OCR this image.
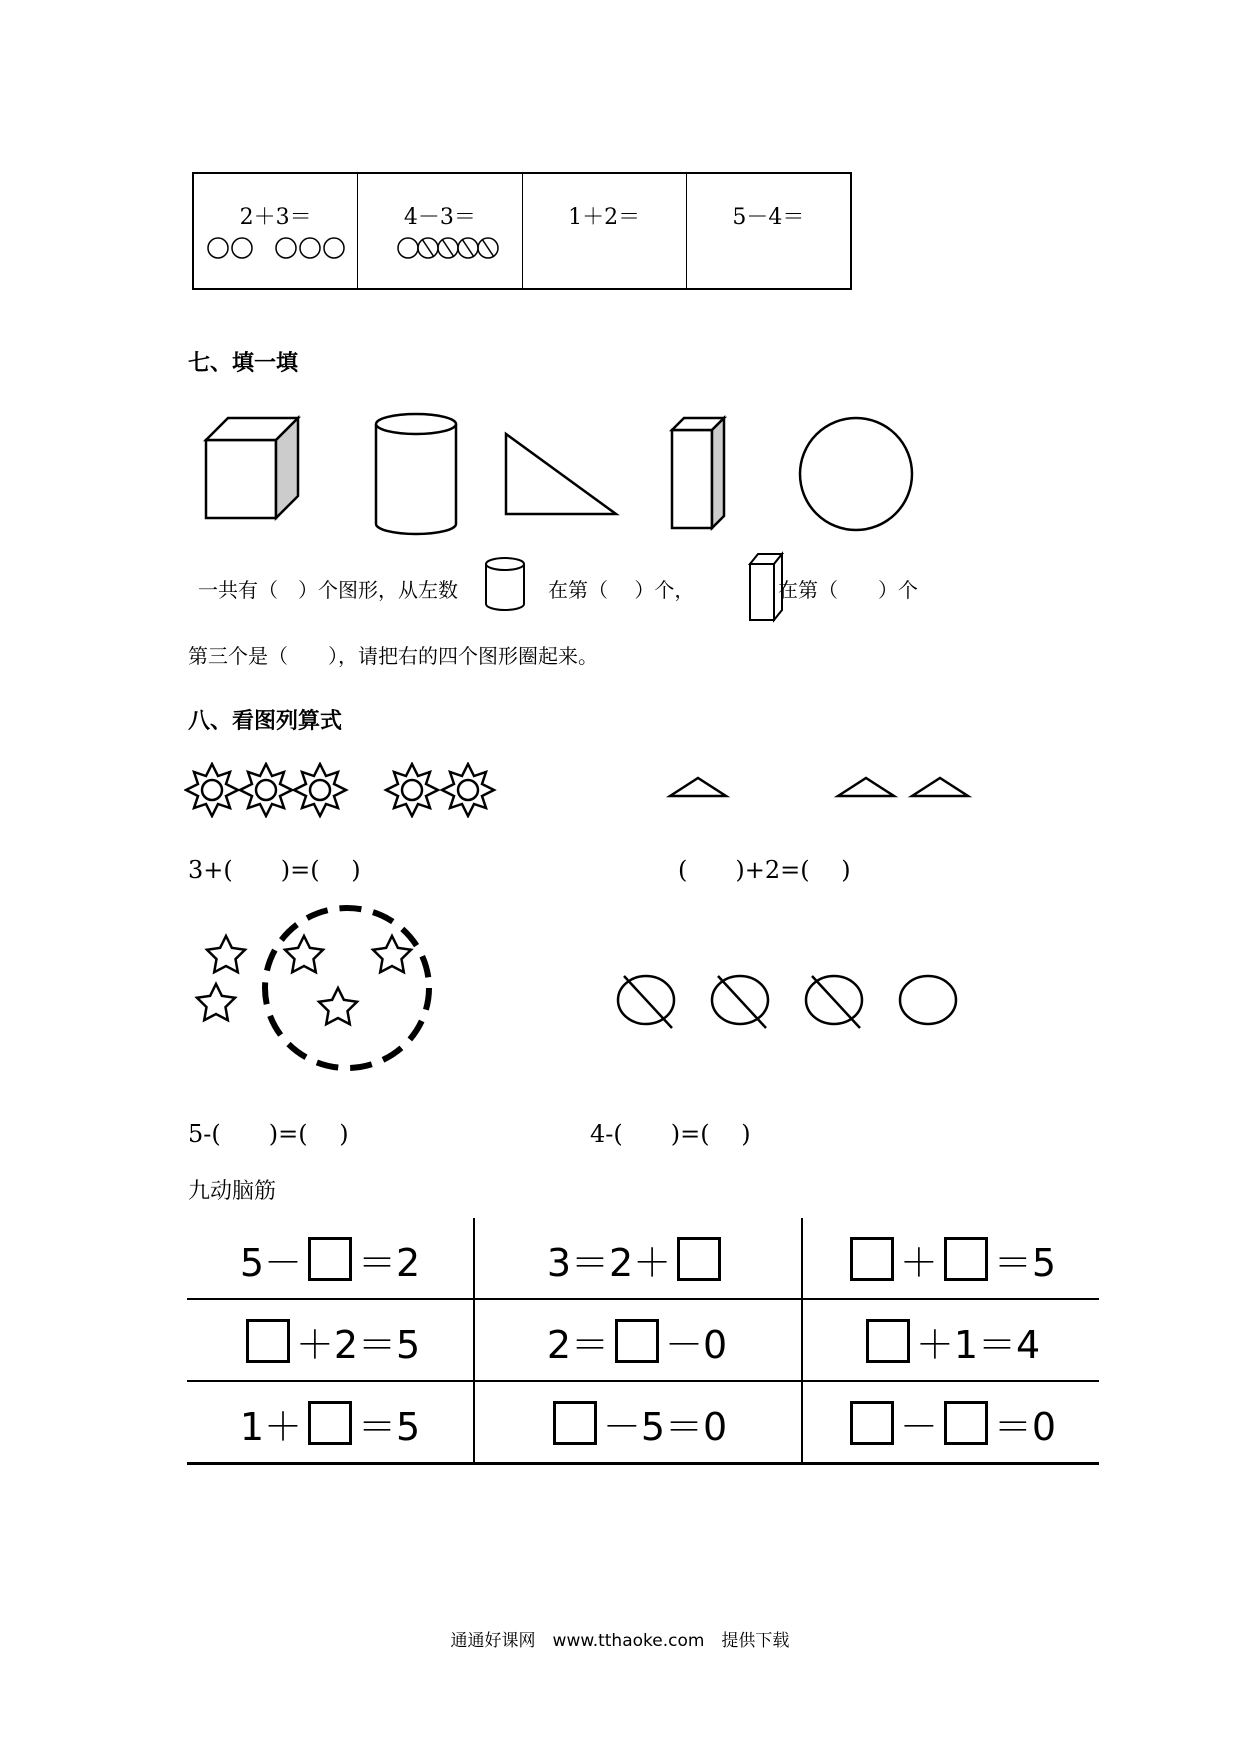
2＋3＝	4－3＝	1＋2＝	5－4＝
七、填一填
一共有（　）个图形，从左数	在第（　 ）个，	在第（　　）个
第三个是（　　），请把右的四个图形圈起来。
八、看图列算式
3+(　　)=(　 )	(　　)+2=(　 )
5-(　　)=(　 )	4-(　　)=(　 )
九动脑筋
5－ ＝2	3＝2＋	＋ ＝5
＋2＝5	2＝ －0	＋1＝4
1＋ ＝5	－5＝0	－ ＝0
通通好课网　www.tthaoke.com　提供下载
